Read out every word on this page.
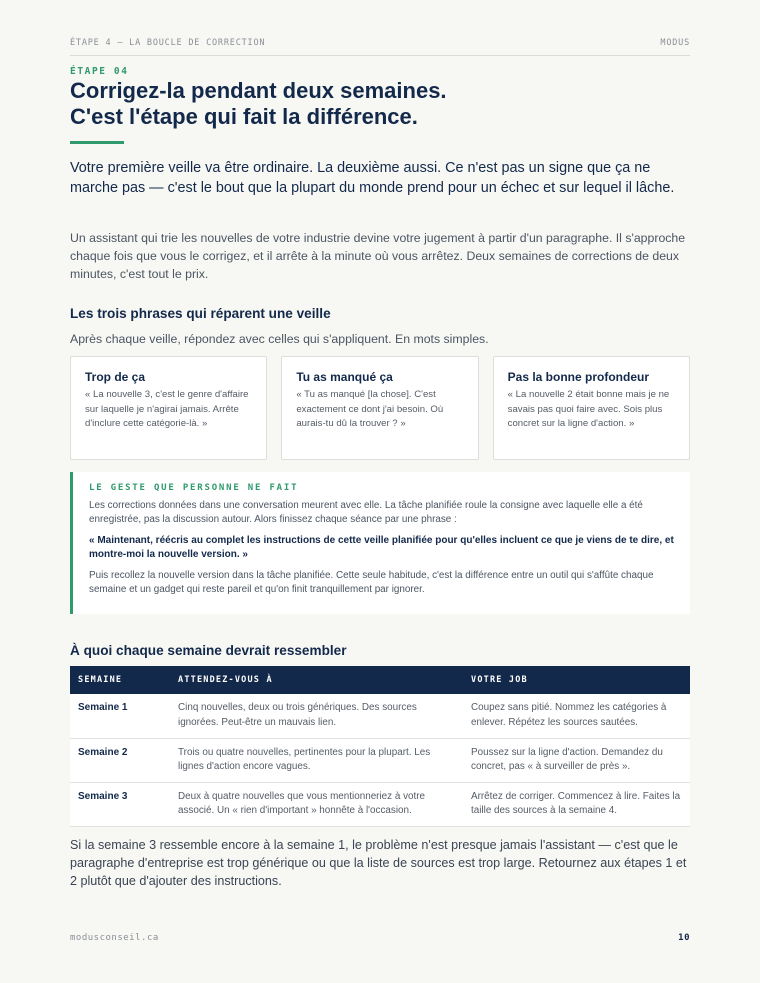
ÉTAPE 4 — LA BOUCLE DE CORRECTION	MODUS
ÉTAPE 04
Corrigez-la pendant deux semaines.
C'est l'étape qui fait la différence.

Votre première veille va être ordinaire. La deuxième aussi. Ce n'est pas un signe que ça ne marche pas — c'est le bout que la plupart du monde prend pour un échec et sur lequel il lâche.

Un assistant qui trie les nouvelles de votre industrie devine votre jugement à partir d'un paragraphe. Il s'approche chaque fois que vous le corrigez, et il arrête à la minute où vous arrêtez. Deux semaines de corrections de deux minutes, c'est tout le prix.

Les trois phrases qui réparent une veille

Après chaque veille, répondez avec celles qui s'appliquent. En mots simples.

Trop de ça
« La nouvelle 3, c'est le genre d'affaire sur laquelle je n'agirai jamais. Arrête d'inclure cette catégorie-là. »
Tu as manqué ça
« Tu as manqué [la chose]. C'est exactement ce dont j'ai besoin. Où aurais-tu dû la trouver ? »
Pas la bonne profondeur
« La nouvelle 2 était bonne mais je ne savais pas quoi faire avec. Sois plus concret sur la ligne d'action. »
LE GESTE QUE PERSONNE NE FAIT

Les corrections données dans une conversation meurent avec elle. La tâche planifiée roule la consigne avec laquelle elle a été enregistrée, pas la discussion autour. Alors finissez chaque séance par une phrase :

« Maintenant, réécris au complet les instructions de cette veille planifiée pour qu'elles incluent ce que je viens de te dire, et montre-moi la nouvelle version. »

Puis recollez la nouvelle version dans la tâche planifiée. Cette seule habitude, c'est la différence entre un outil qui s'affûte chaque semaine et un gadget qui reste pareil et qu'on finit tranquillement par ignorer.

À quoi chaque semaine devrait ressembler
SEMAINE	ATTENDEZ-VOUS À	VOTRE JOB
Semaine 1	Cinq nouvelles, deux ou trois génériques. Des sources ignorées. Peut-être un mauvais lien.	Coupez sans pitié. Nommez les catégories à enlever. Répétez les sources sautées.
Semaine 2	Trois ou quatre nouvelles, pertinentes pour la plupart. Les lignes d'action encore vagues.	Poussez sur la ligne d'action. Demandez du concret, pas « à surveiller de près ».
Semaine 3	Deux à quatre nouvelles que vous mentionneriez à votre associé. Un « rien d'important » honnête à l'occasion.	Arrêtez de corriger. Commencez à lire. Faites la taille des sources à la semaine 4.

Si la semaine 3 ressemble encore à la semaine 1, le problème n'est presque jamais l'assistant — c'est que le paragraphe d'entreprise est trop générique ou que la liste de sources est trop large. Retournez aux étapes 1 et 2 plutôt que d'ajouter des instructions.

modusconseil.ca	10
